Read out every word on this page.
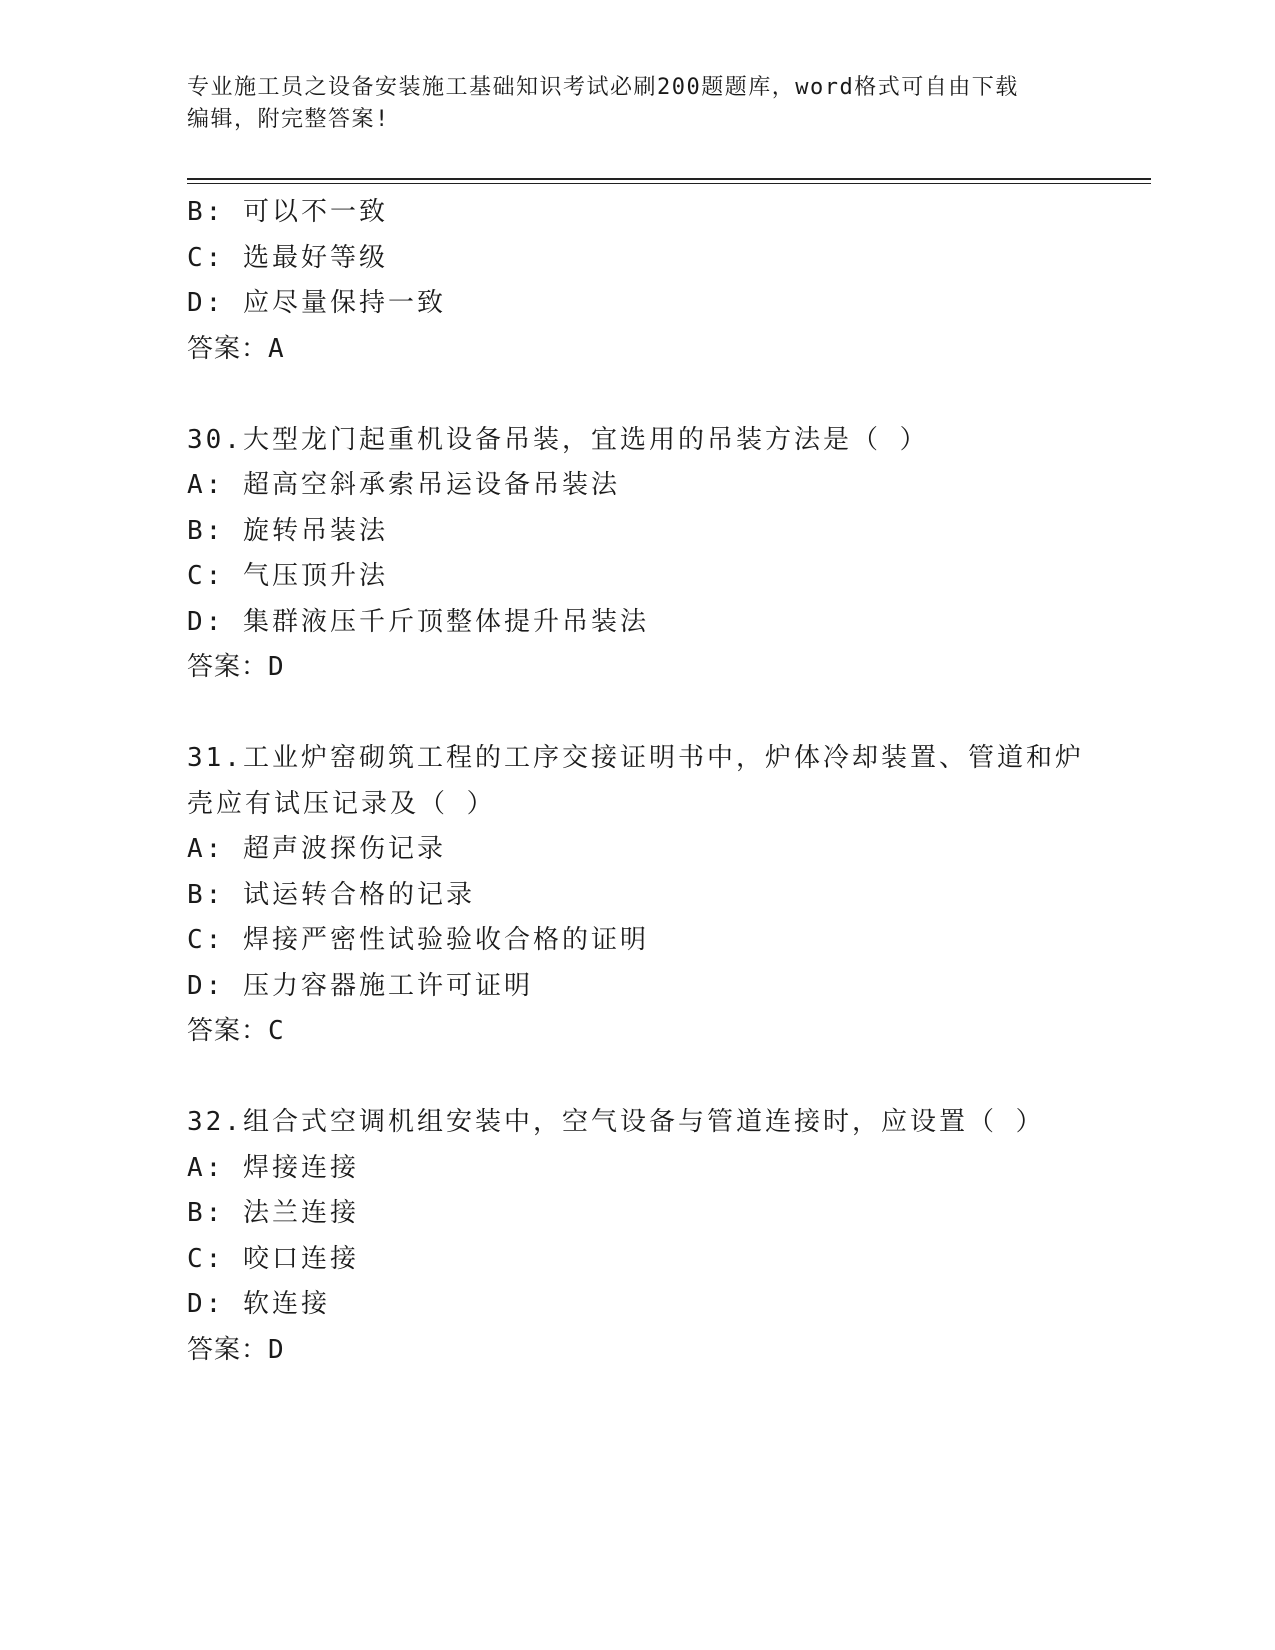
专业施工员之设备安装施工基础知识考试必刷200题题库，word格式可自由下载
编辑，附完整答案!
B: 可以不一致
C: 选最好等级
D: 应尽量保持一致
答案：A
30.大型龙门起重机设备吊装，宜选用的吊装方法是（ ）
A: 超高空斜承索吊运设备吊装法
B: 旋转吊装法
C: 气压顶升法
D: 集群液压千斤顶整体提升吊装法
答案：D
31.工业炉窑砌筑工程的工序交接证明书中，炉体冷却装置、管道和炉
壳应有试压记录及（ ）
A: 超声波探伤记录
B: 试运转合格的记录
C: 焊接严密性试验验收合格的证明
D: 压力容器施工许可证明
答案：C
32.组合式空调机组安装中，空气设备与管道连接时，应设置（ ）
A: 焊接连接
B: 法兰连接
C: 咬口连接
D: 软连接
答案：D
